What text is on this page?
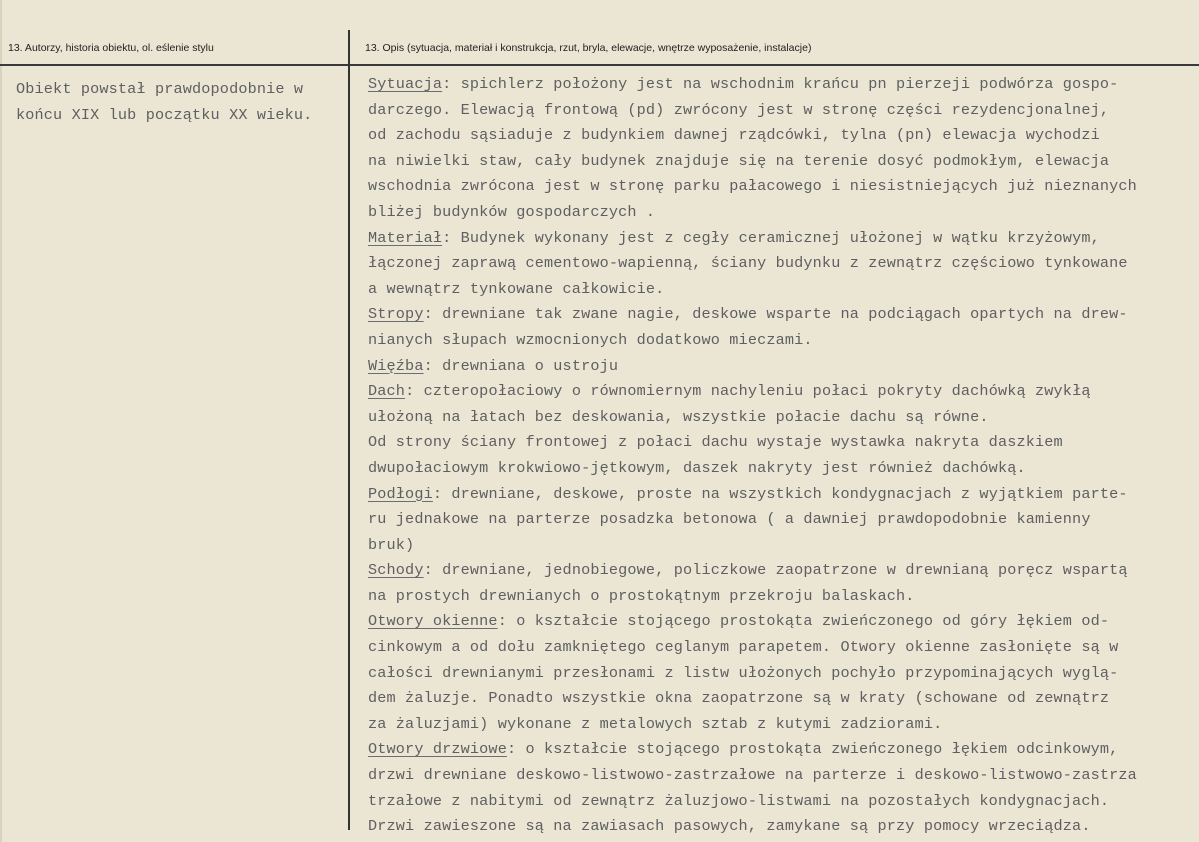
13. Autorzy, historia obiektu, ol. eślenie stylu	13. Opis (sytuacja, materiał i konstrukcja, rzut, bryla, elewacje, wnętrze wyposażenie, instalacje)
Obiekt powstał prawdopodobnie w
końcu XIX lub początku XX wieku.
Sytuacja: spichlerz położony jest na wschodnim krańcu pn pierzeji podwórza gospo-
darczego. Elewacją frontową (pd) zwrócony jest w stronę części rezydencjonalnej,
od zachodu sąsiaduje z budynkiem dawnej rządcówki, tylna (pn) elewacja wychodzi
na niwielki staw, cały budynek znajduje się na terenie dosyć podmokłym, elewacja
wschodnia zwrócona jest w stronę parku pałacowego i niesistniejących już nieznanych
bliżej budynków gospodarczych .
Materiał: Budynek wykonany jest z cegły ceramicznej ułożonej w wątku krzyżowym,
łączonej zaprawą cementowo-wapienną, ściany budynku z zewnątrz częściowo tynkowane
a wewnątrz tynkowane całkowicie.
Stropy: drewniane tak zwane nagie, deskowe wsparte na podciągach opartych na drew-
nianych słupach wzmocnionych dodatkowo mieczami.
Więźba: drewniana o ustroju
Dach: czteropołaciowy o równomiernym nachyleniu połaci pokryty dachówką zwykłą
ułożoną na łatach bez deskowania, wszystkie połacie dachu są równe.
Od strony ściany frontowej z połaci dachu wystaje wystawka nakryta daszkiem
dwupołaciowym krokwiowo-jętkowym, daszek nakryty jest również dachówką.
Podłogi: drewniane, deskowe, proste na wszystkich kondygnacjach z wyjątkiem parte-
ru jednakowe na parterze posadzka betonowa ( a dawniej prawdopodobnie kamienny
bruk)
Schody: drewniane, jednobiegowe, policzkowe zaopatrzone w drewnianą poręcz wspartą
na prostych drewnianych o prostokątnym przekroju balaskach.
Otwory okienne: o kształcie stojącego prostokąta zwieńczonego od góry łękiem od-
cinkowym a od dołu zamkniętego ceglanym parapetem. Otwory okienne zasłonięte są w
całości drewnianymi przesłonami z listw ułożonych pochyło przypominających wyglą-
dem żaluzje. Ponadto wszystkie okna zaopatrzone są w kraty (schowane od zewnątrz
za żaluzjami) wykonane z metalowych sztab z kutymi zadziorami.
Otwory drzwiowe: o kształcie stojącego prostokąta zwieńczonego łękiem odcinkowym,
drzwi drewniane deskowo-listwowo-zastrzałowe na parterze i deskowo-listwowo-zastrza
trzałowe z nabitymi od zewnątrz żaluzjowo-listwami na pozostałych kondygnacjach.
Drzwi zawieszone są na zawiasach pasowych, zamykane są przy pomocy wrzeciądza.
